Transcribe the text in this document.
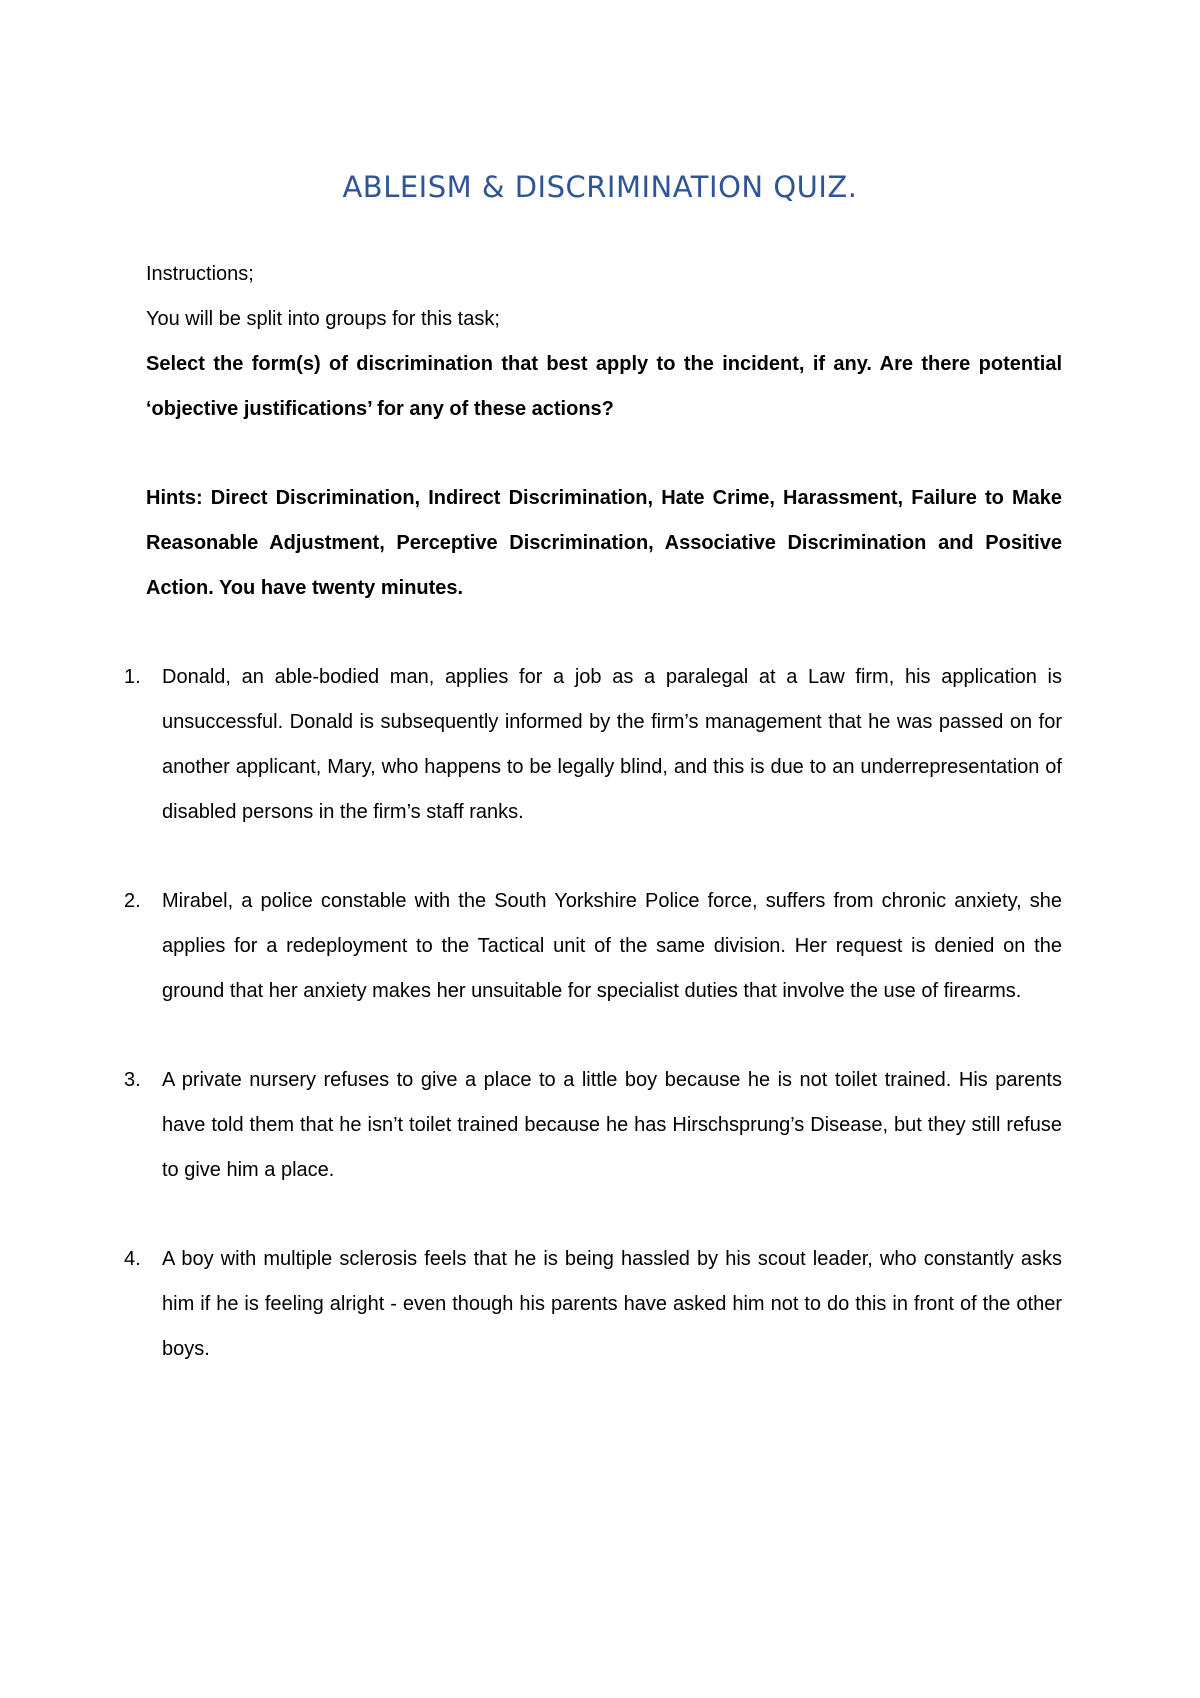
ABLEISM & DISCRIMINATION QUIZ.

Instructions;

You will be split into groups for this task;

Select the form(s) of discrimination that best apply to the incident, if any. Are there potential ‘objective justifications’ for any of these actions?

Hints: Direct Discrimination, Indirect Discrimination, Hate Crime, Harassment, Failure to Make Reasonable Adjustment, Perceptive Discrimination, Associative Discrimination and Positive Action. You have twenty minutes.

1.	Donald, an able-bodied man, applies for a job as a paralegal at a Law firm, his application is unsuccessful. Donald is subsequently informed by the firm’s management that he was passed on for another applicant, Mary, who happens to be legally blind, and this is due to an underrepresentation of disabled persons in the firm’s staff ranks.
2.	Mirabel, a police constable with the South Yorkshire Police force, suffers from chronic anxiety, she applies for a redeployment to the Tactical unit of the same division. Her request is denied on the ground that her anxiety makes her unsuitable for specialist duties that involve the use of firearms.
3.	A private nursery refuses to give a place to a little boy because he is not toilet trained. His parents have told them that he isn’t toilet trained because he has Hirschsprung’s Disease, but they still refuse to give him a place.
4.	A boy with multiple sclerosis feels that he is being hassled by his scout leader, who constantly asks him if he is feeling alright - even though his parents have asked him not to do this in front of the other boys.
